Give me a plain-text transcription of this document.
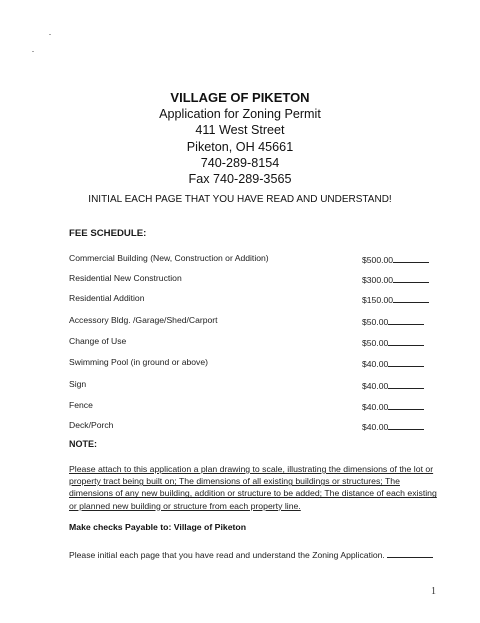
VILLAGE OF PIKETON
Application for Zoning Permit
411 West Street
Piketon, OH 45661
740-289-8154
Fax 740-289-3565
INITIAL EACH PAGE THAT YOU HAVE READ AND UNDERSTAND!
FEE SCHEDULE:
Commercial Building (New, Construction or Addition)	$500.00
Residential New Construction	$300.00
Residential Addition	$150.00
Accessory Bldg. /Garage/Shed/Carport	$50.00
Change of Use	$50.00
Swimming Pool (in ground or above)	$40.00
Sign	$40.00
Fence	$40.00
Deck/Porch	$40.00
NOTE:
Please attach to this application a plan drawing to scale, illustrating the dimensions of the lot or property tract being built on; The dimensions of all existing buildings or structures; The dimensions of any new building, addition or structure to be added; The distance of each existing or planned new building or structure from each property line.
Make checks Payable to: Village of Piketon
Please initial each page that you have read and understand the Zoning Application.
1
